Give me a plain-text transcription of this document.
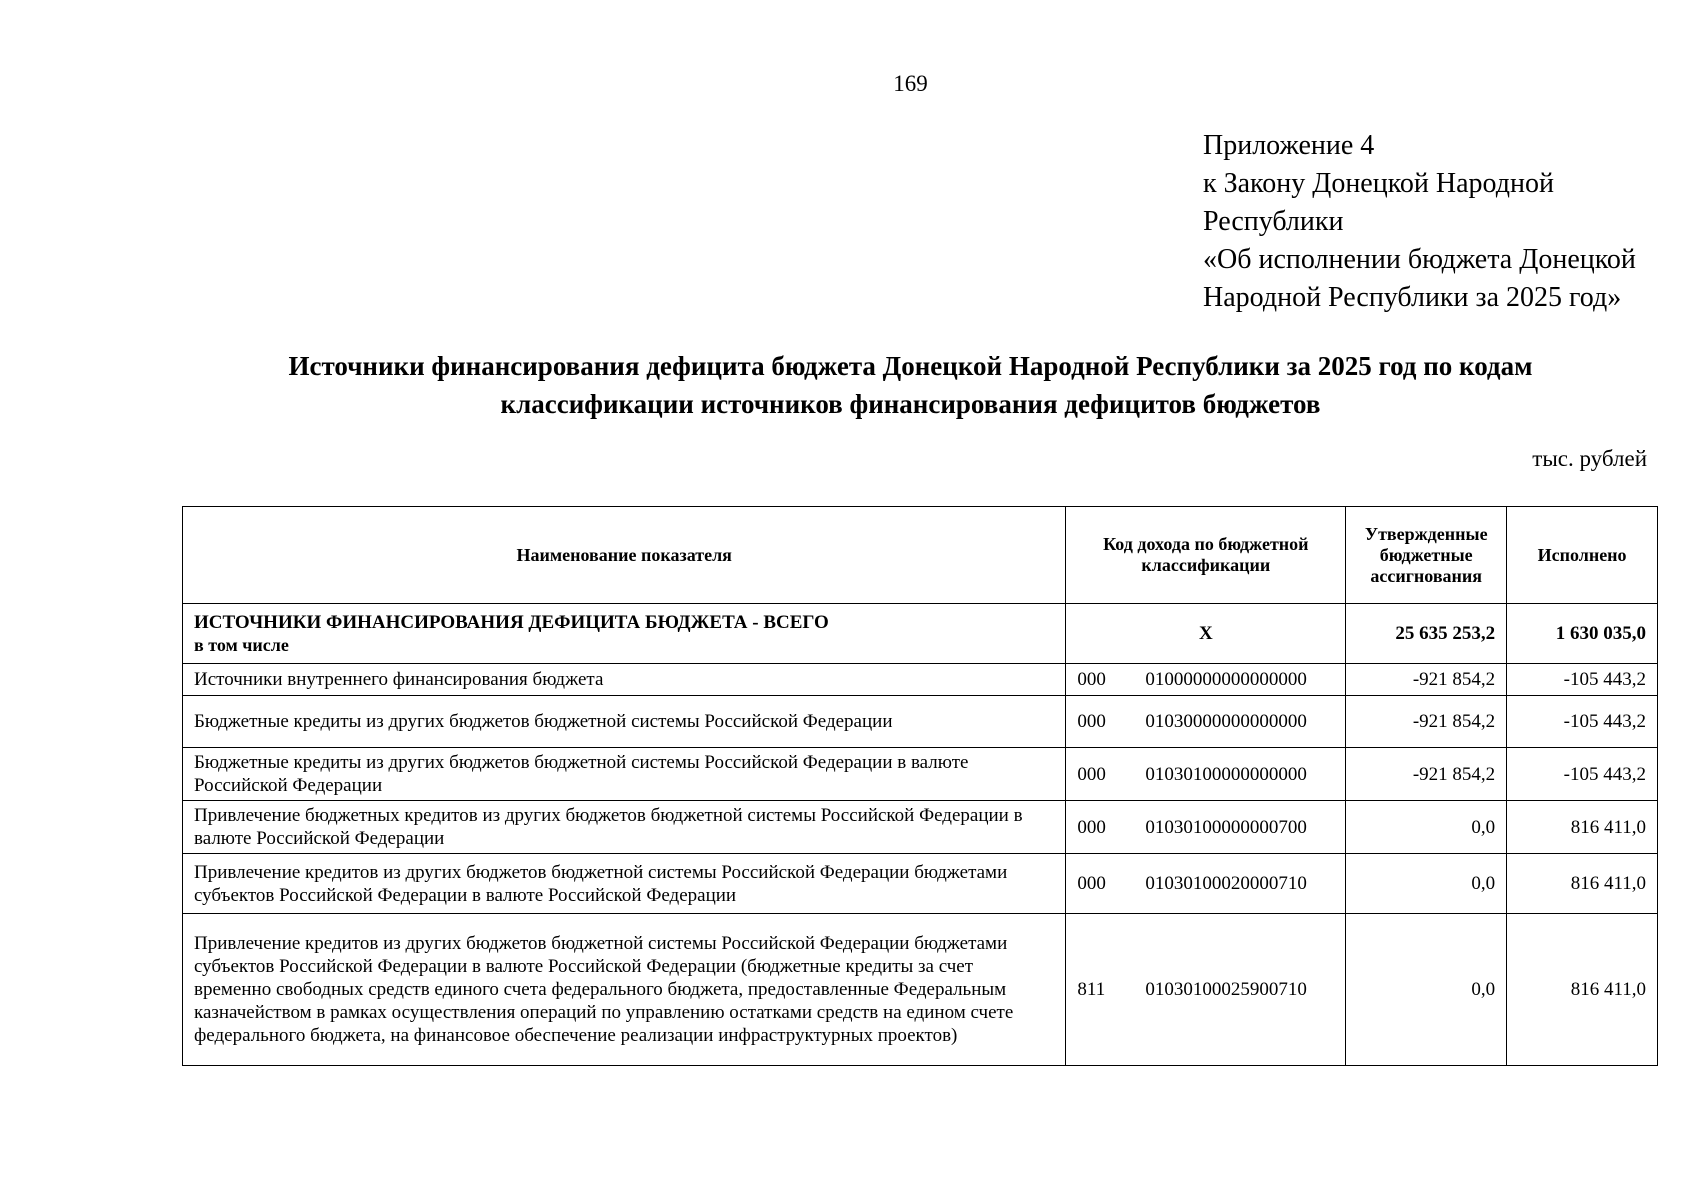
169
Приложение 4
к Закону Донецкой Народной
Республики
«Об исполнении бюджета Донецкой
Народной Республики за 2025 год»
Источники финансирования дефицита бюджета Донецкой Народной Республики за 2025 год по кодам
классификации источников финансирования дефицитов бюджетов
тыс. рублей
Наименование показателя	Код дохода по бюджетной классификации	Утвержденные бюджетные ассигнования	Исполнено

ИСТОЧНИКИ ФИНАНСИРОВАНИЯ ДЕФИЦИТА БЮДЖЕТА - ВСЕГО
в том числе	X	25 635 253,2	1 630 035,0
Источники внутреннего финансирования бюджета	000 01000000000000000	-921 854,2	-105 443,2
Бюджетные кредиты из других бюджетов бюджетной системы Российской Федерации	000 01030000000000000	-921 854,2	-105 443,2
Бюджетные кредиты из других бюджетов бюджетной системы Российской Федерации в валюте Российской Федерации	000 01030100000000000	-921 854,2	-105 443,2
Привлечение бюджетных кредитов из других бюджетов бюджетной системы Российской Федерации в валюте Российской Федерации	000 01030100000000700	0,0	816 411,0
Привлечение кредитов из других бюджетов бюджетной системы Российской Федерации бюджетами субъектов Российской Федерации в валюте Российской Федерации	000 01030100020000710	0,0	816 411,0
Привлечение кредитов из других бюджетов бюджетной системы Российской Федерации бюджетами субъектов Российской Федерации в валюте Российской Федерации (бюджетные кредиты за счет временно свободных средств единого счета федерального бюджета, предоставленные Федеральным казначейством в рамках осуществления операций по управлению остатками средств на едином счете федерального бюджета, на финансовое обеспечение реализации инфраструктурных проектов)	811 01030100025900710	0,0	816 411,0
